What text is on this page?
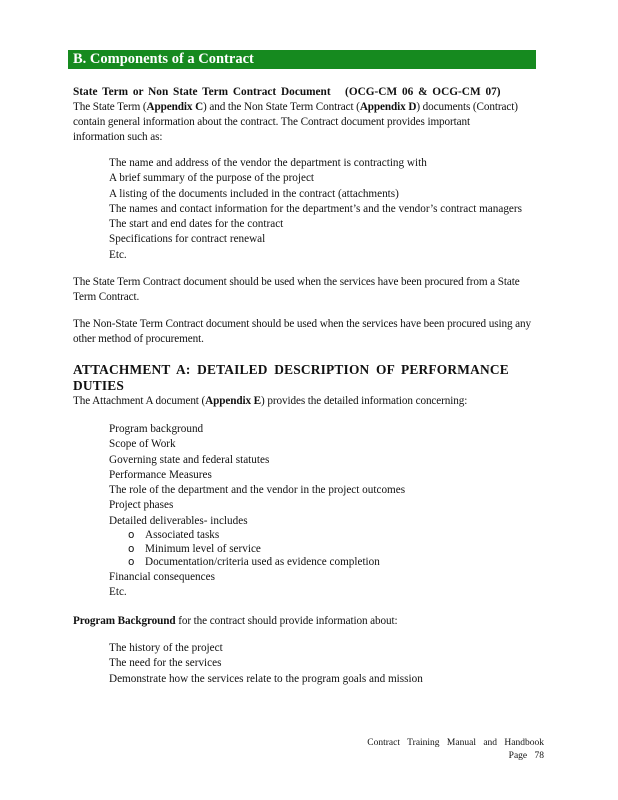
B. Components of a Contract
State Term or Non State Term Contract Document   (OCG-CM 06 & OCG-CM 07)
The State Term (Appendix C) and the Non State Term Contract (Appendix D) documents (Contract) contain general information about the contract. The Contract document provides important information such as:
The name and address of the vendor the department is contracting with
A brief summary of the purpose of the project
A listing of the documents included in the contract (attachments)
The names and contact information for the department’s and the vendor’s contract managers
The start and end dates for the contract
Specifications for contract renewal
Etc.
The State Term Contract document should be used when the services have been procured from a State Term Contract.
The Non-State Term Contract document should be used when the services have been procured using any other method of procurement.
ATTACHMENT A: DETAILED DESCRIPTION OF PERFORMANCE DUTIES
The Attachment A document (Appendix E) provides the detailed information concerning:
Program background
Scope of Work
Governing state and federal statutes
Performance Measures
The role of the department and the vendor in the project outcomes
Project phases
Detailed deliverables- includes
o Associated tasks
o Minimum level of service
o Documentation/criteria used as evidence completion
Financial consequences
Etc.
Program Background for the contract should provide information about:
The history of the project
The need for the services
Demonstrate how the services relate to the program goals and mission
Contract Training Manual and Handbook
Page 78
